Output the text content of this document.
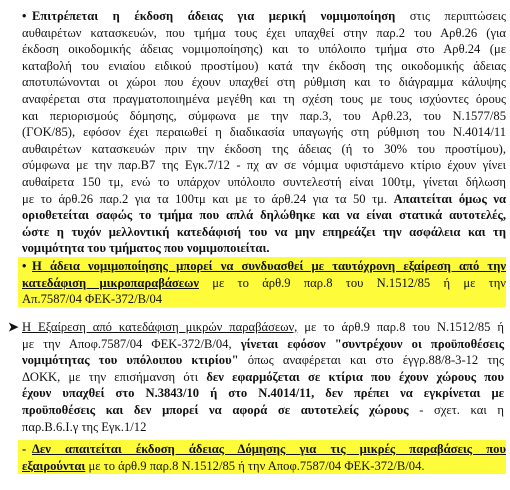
• Επιτρέπεται η έκδοση άδειας για μερική νομιμοποίηση στις περιπτώσεις
αυθαιρέτων κατασκευών, που τμήμα τους έχει υπαχθεί στην παρ.2 του Αρθ.26 (για
έκδοση οικοδομικής άδειας νομιμοποίησης) και το υπόλοιπο τμήμα στο Αρθ.24 (με
καταβολή του ενιαίου ειδικού προστίμου) κατά την έκδοση της οικοδομικής άδειας
αποτυπώνονται οι χώροι που έχουν υπαχθεί στη ρύθμιση και το διάγραμμα κάλυψης
αναφέρεται στα πραγματοποιημένα μεγέθη και τη σχέση τους με τους ισχύοντες όρους
και περιορισμούς δόμησης, σύμφωνα με την παρ.3, του Αρθ.23, του Ν.1577/85
(ΓΟΚ/85), εφόσον έχει περαιωθεί η διαδικασία υπαγωγής στη ρύθμιση του Ν.4014/11
αυθαιρέτων κατασκευών πριν την έκδοση της άδειας (ή το 30% του προστίμου),
σύμφωνα με την παρ.Β7 της Εγκ.7/12 - πχ αν σε νόμιμα υφιστάμενο κτίριο έχουν γίνει
αυθαίρετα 150 τμ, ενώ το υπάρχον υπόλοιπο συντελεστή είναι 100τμ, γίνεται δήλωση
με το άρθ.26 παρ.2 για τα 100τμ και με το άρθ.24 για τα 50 τμ. Απαιτείται όμως να
οριοθετείται σαφώς το τμήμα που απλά δηλώθηκε και να είναι στατικά αυτοτελές,
ώστε η τυχόν μελλοντική κατεδάφισή του να μην επηρεάζει την ασφάλεια και τη
νομιμότητα του τμήματος που νομιμοποιείται.
• Η άδεια νομιμοποίησης μπορεί να συνδυασθεί με ταυτόχρονη εξαίρεση από την
κατεδάφιση μικροπαραβάσεων με το άρθ.9 παρ.8 του Ν.1512/85 ή με την
Απ.7587/04 ΦΕΚ-372/Β/04
➤ Η Εξαίρεση από κατεδάφιση μικρών παραβάσεων, με το άρθ.9 παρ.8 του Ν.1512/85 ή
με την Αποφ.7587/04 ΦΕΚ-372/Β/04, γίνεται εφόσον "συντρέχουν οι προϋποθέσεις
νομιμότητας του υπόλοιπου κτιρίου" όπως αναφέρεται και στο έγγρ.88/8-3-12 της
ΔΟΚΚ, με την επισήμανση ότι δεν εφαρμόζεται σε κτίρια που έχουν χώρους που
έχουν υπαχθεί στο Ν.3843/10 ή στο Ν.4014/11, δεν πρέπει να εγκρίνεται με
προϋποθέσεις και δεν μπορεί να αφορά σε αυτοτελείς χώρους - σχετ. και η
παρ.Β.6.Ι.γ της Εγκ.1/12
- Δεν απαιτείται έκδοση άδειας Δόμησης για τις μικρές παραβάσεις που
εξαιρούνται με το άρθ.9 παρ.8 Ν.1512/85 ή την Αποφ.7587/04 ΦΕΚ-372/Β/04.
